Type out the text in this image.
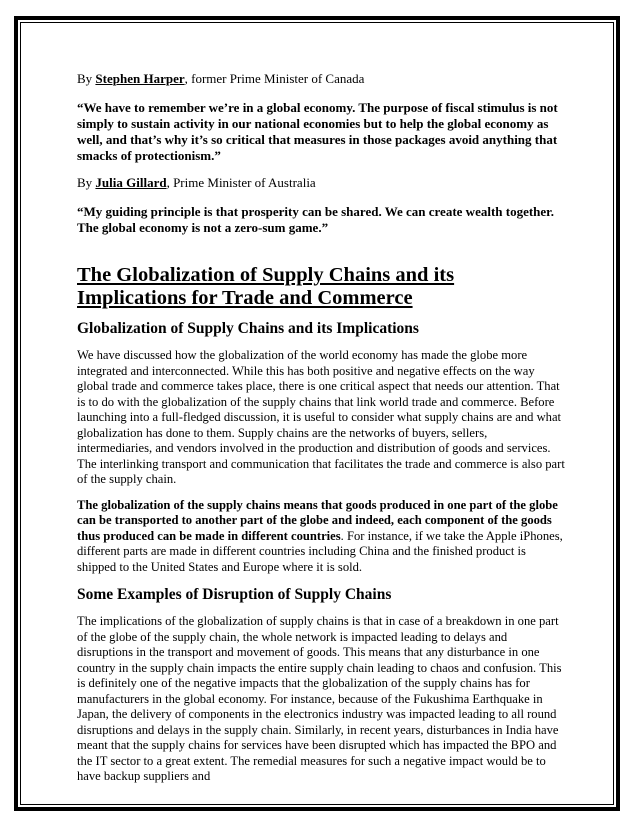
By Stephen Harper, former Prime Minister of Canada

“We have to remember we’re in a global economy. The purpose of fiscal stimulus is not simply to sustain activity in our national economies but to help the global economy as well, and that’s why it’s so critical that measures in those packages avoid anything that smacks of protectionism.”

By Julia Gillard, Prime Minister of Australia

“My guiding principle is that prosperity can be shared. We can create wealth together. The global economy is not a zero-sum game.”

The Globalization of Supply Chains and its Implications for Trade and Commerce
Globalization of Supply Chains and its Implications

We have discussed how the globalization of the world economy has made the globe more integrated and interconnected. While this has both positive and negative effects on the way global trade and commerce takes place, there is one critical aspect that needs our attention. That is to do with the globalization of the supply chains that link world trade and commerce. Before launching into a full-fledged discussion, it is useful to consider what supply chains are and what globalization has done to them. Supply chains are the networks of buyers, sellers, intermediaries, and vendors involved in the production and distribution of goods and services. The interlinking transport and communication that facilitates the trade and commerce is also part of the supply chain.

The globalization of the supply chains means that goods produced in one part of the globe can be transported to another part of the globe and indeed, each component of the goods thus produced can be made in different countries. For instance, if we take the Apple iPhones, different parts are made in different countries including China and the finished product is shipped to the United States and Europe where it is sold.

Some Examples of Disruption of Supply Chains

The implications of the globalization of supply chains is that in case of a breakdown in one part of the globe of the supply chain, the whole network is impacted leading to delays and disruptions in the transport and movement of goods. This means that any disturbance in one country in the supply chain impacts the entire supply chain leading to chaos and confusion. This is definitely one of the negative impacts that the globalization of the supply chains has for manufacturers in the global economy. For instance, because of the Fukushima Earthquake in Japan, the delivery of components in the electronics industry was impacted leading to all round disruptions and delays in the supply chain. Similarly, in recent years, disturbances in India have meant that the supply chains for services have been disrupted which has impacted the BPO and the IT sector to a great extent. The remedial measures for such a negative impact would be to have backup suppliers and
